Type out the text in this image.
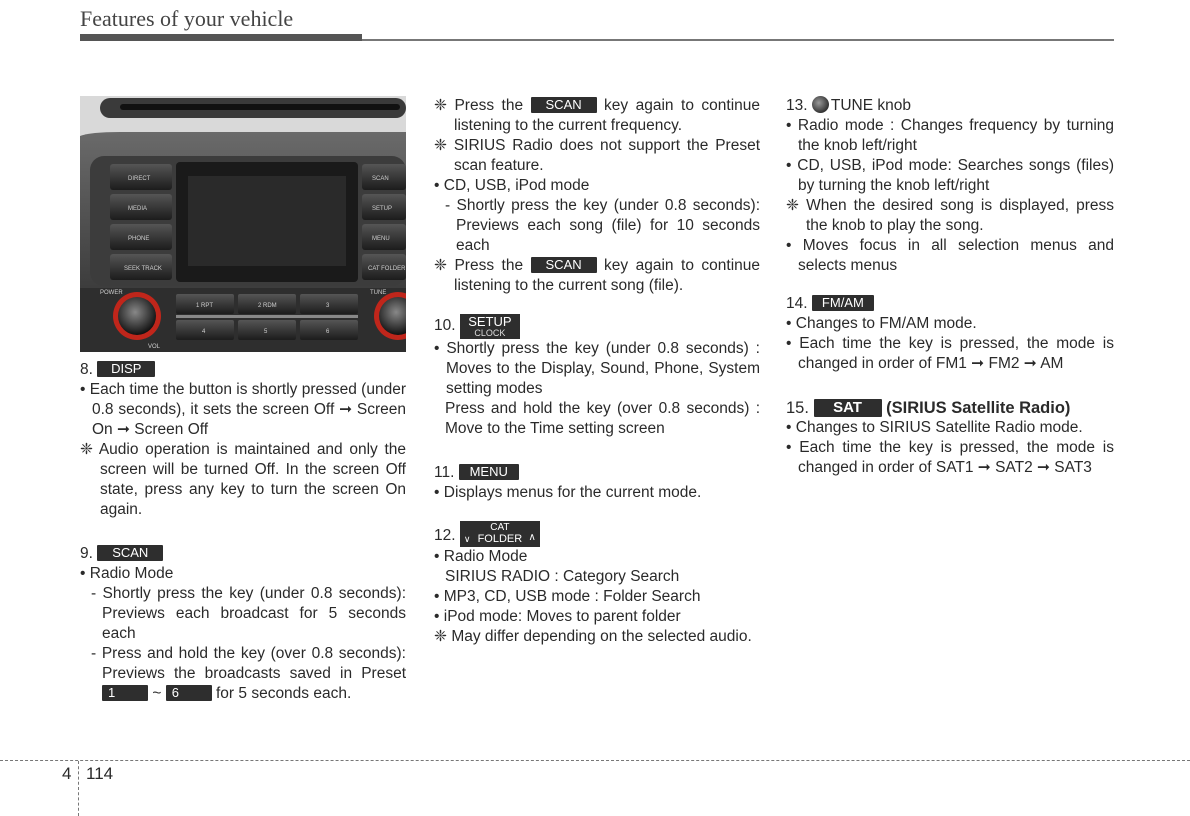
Features of your vehicle
DIRECT
MEDIA
PHONE
SEEK TRACK
SCAN
SETUP
MENU
CAT FOLDER
POWER
VOL
TUNE
1 RPT	2 RDM	3
4	5	6

8. DISP

• Each time the button is shortly pressed (under 0.8 seconds), it sets the screen Off ➞ Screen On ➞ Screen Off

❈ Audio operation is maintained and only the screen will be turned Off. In the screen Off state, press any key to turn the screen On again.

9. SCAN

• Radio Mode

- Shortly press the key (under 0.8 seconds): Previews each broadcast for 5 seconds each

- Press and hold the key (over 0.8 seconds): Previews the broadcasts saved in Preset 1 ~ 6 for 5 seconds each.

❈ Press the SCAN key again to continue listening to the current frequency.

❈ SIRIUS Radio does not support the Preset scan feature.

• CD, USB, iPod mode

- Shortly press the key (under 0.8 seconds): Previews each song (file) for 10 seconds each

❈ Press the SCAN key again to continue listening to the current song (file).

10. SETUP
CLOCK

• Shortly press the key (under 0.8 seconds) : Moves to the Display, Sound, Phone, System setting modes

Press and hold the key (over 0.8 seconds) : Move to the Time setting screen

11. MENU

• Displays menus for the current mode.

12. ∨
CAT
FOLDER ∧

• Radio Mode

SIRIUS RADIO : Category Search

• MP3, CD, USB mode : Folder Search

• iPod mode: Moves to parent folder

❈ May differ depending on the selected audio.

13. TUNE knob

• Radio mode : Changes frequency by turning the knob left/right

• CD, USB, iPod mode: Searches songs (files) by turning the knob left/right

❈ When the desired song is displayed, press the knob to play the song.

• Moves focus in all selection menus and selects menus

14. FM/AM

• Changes to FM/AM mode.

• Each time the key is pressed, the mode is changed in order of FM1 ➞ FM2 ➞ AM

15. SAT (SIRIUS Satellite Radio)

• Changes to SIRIUS Satellite Radio mode.

• Each time the key is pressed, the mode is changed in order of SAT1 ➞ SAT2 ➞ SAT3

4 114
